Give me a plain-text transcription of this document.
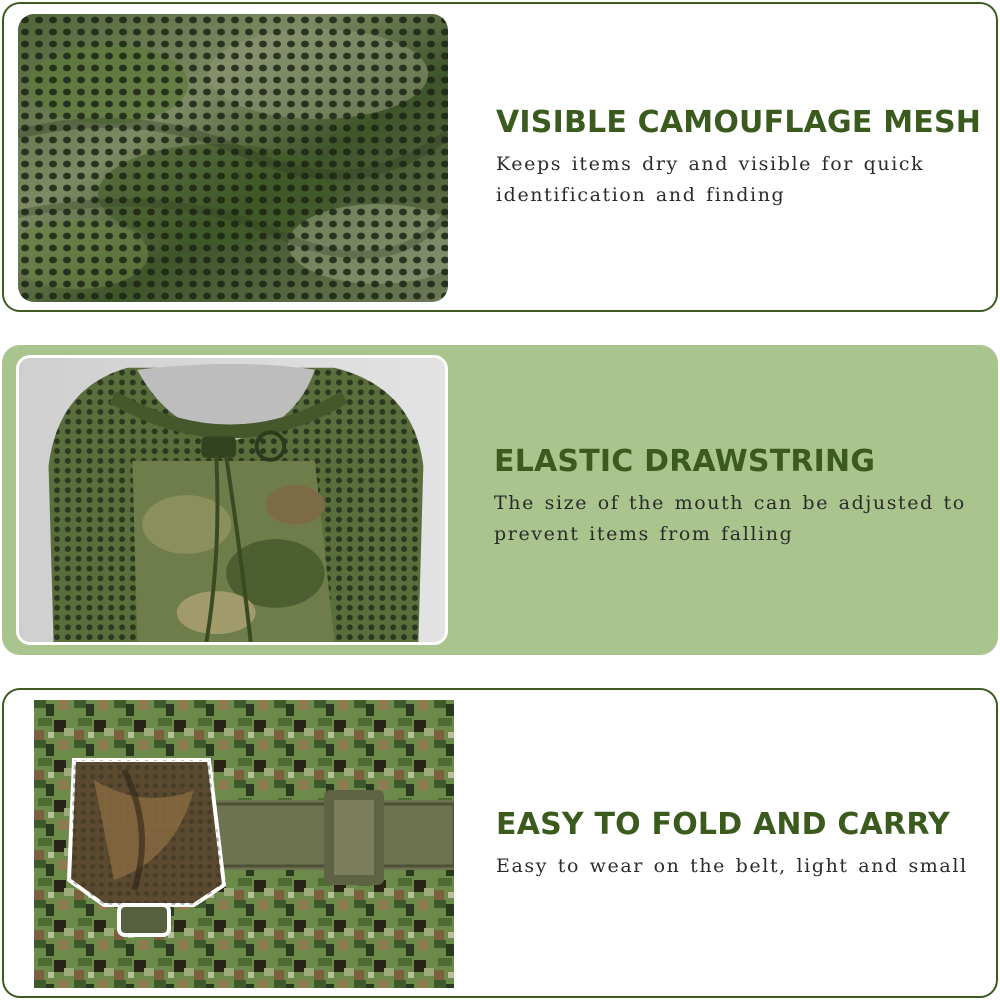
VISIBLE CAMOUFLAGE MESH
Keeps items dry and visible for quick
identification and finding
ELASTIC DRAWSTRING
The size of the mouth can be adjusted to
prevent items from falling
EASY TO FOLD AND CARRY
Easy to wear on the belt, light and small
